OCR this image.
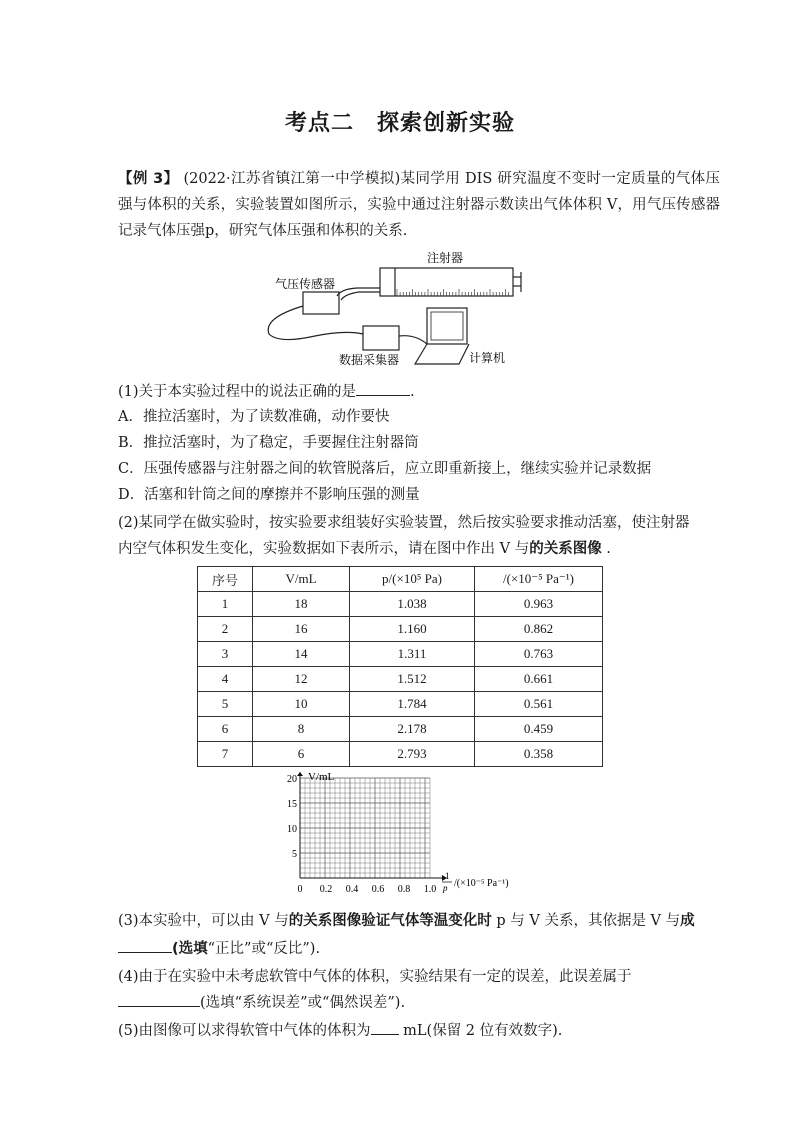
考点二　探索创新实验
【例 3】 (2022·江苏省镇江第一中学模拟)某同学用 DIS 研究温度不变时一定质量的气体压强与体积的关系，实验装置如图所示，实验中通过注射器示数读出气体体积 V，用气压传感器记录气体压强p，研究气体压强和体积的关系.
注射器
气压传感器
数据采集器	计算机
(1)关于本实验过程中的说法正确的是	.
A．推拉活塞时，为了读数准确，动作要快
B．推拉活塞时，为了稳定，手要握住注射器筒
C．压强传感器与注射器之间的软管脱落后，应立即重新接上，继续实验并记录数据
D．活塞和针筒之间的摩擦并不影响压强的测量
(2)某同学在做实验时，按实验要求组装好实验装置，然后按实验要求推动活塞，使注射器
内空气体积发生变化，实验数据如下表所示，请在图中作出 V 与的关系图像 .
序号	V/mL	p/(×10⁵ Pa)	/(×10⁻⁵ Pa⁻¹)
1	18	1.038	0.963
2	16	1.160	0.862
3	14	1.311	0.763
4	12	1.512	0.661
5	10	1.784	0.561
6	8	2.178	0.459
7	6	2.793	0.358
0 0.2 0.4 0.6 0.8 1.0
5
10
15
20 V/mL
1
p /(×10⁻⁵ Pa⁻¹)
(3)本实验中，可以由 V 与的关系图像验证气体等温变化时 p 与 V 关系，其依据是 V 与成
(选填“正比”或“反比”).
(4)由于在实验中未考虑软管中气体的体积，实验结果有一定的误差，此误差属于
(选填“系统误差”或“偶然误差”).
(5)由图像可以求得软管中气体的体积为 mL(保留 2 位有效数字).
